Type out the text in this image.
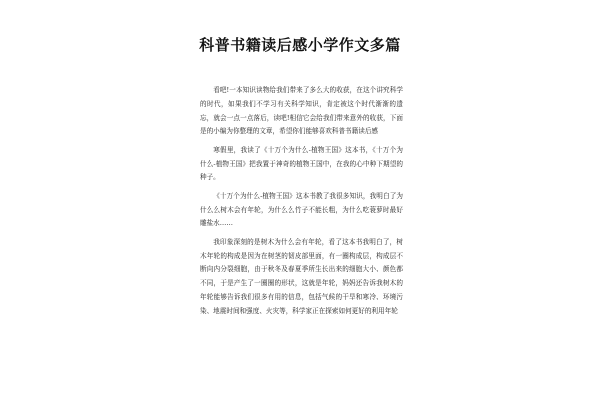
科普书籍读后感小学作文多篇

看吧!一本知识读物给我们带来了多么大的收获，在这个讲究科学的时代，如果我们不学习有关科学知识，肯定被这个时代渐渐的遗忘，就会一点一点落后，读吧!相信它会给我们带来意外的收获，下面是的小编为你整理的文章，希望你们能够喜欢科普书籍读后感

寒假里，我读了《十万个为什么-植物王国》这本书，《十万个为什么-植物王国》把我置于神奇的植物王国中，在我的心中种下期望的种子。

《十万个为什么-植物王国》这本书教了我很多知识，我明白了为什么么树木会有年轮，为什么么竹子不能长粗，为什么吃蓑萝时最好雕盐水……

我印象深刻的是树木为什么会有年轮，看了这本书我明白了，树木年轮的构成是因为在树茎的韧皮部里面，有一圈构成层，构成层不断向内分裂细胞，由于秋冬及春夏季所生长出来的细胞大小、颜色都不同，于是产生了一圈圈的形状，这就是年轮，妈妈还告诉我树木的年轮能够告诉我们很多有用的信息，包括气候的干旱和寒冷、环境污染、地震时间和强度、火灾等，科学家正在探索如何更好的利用年轮
